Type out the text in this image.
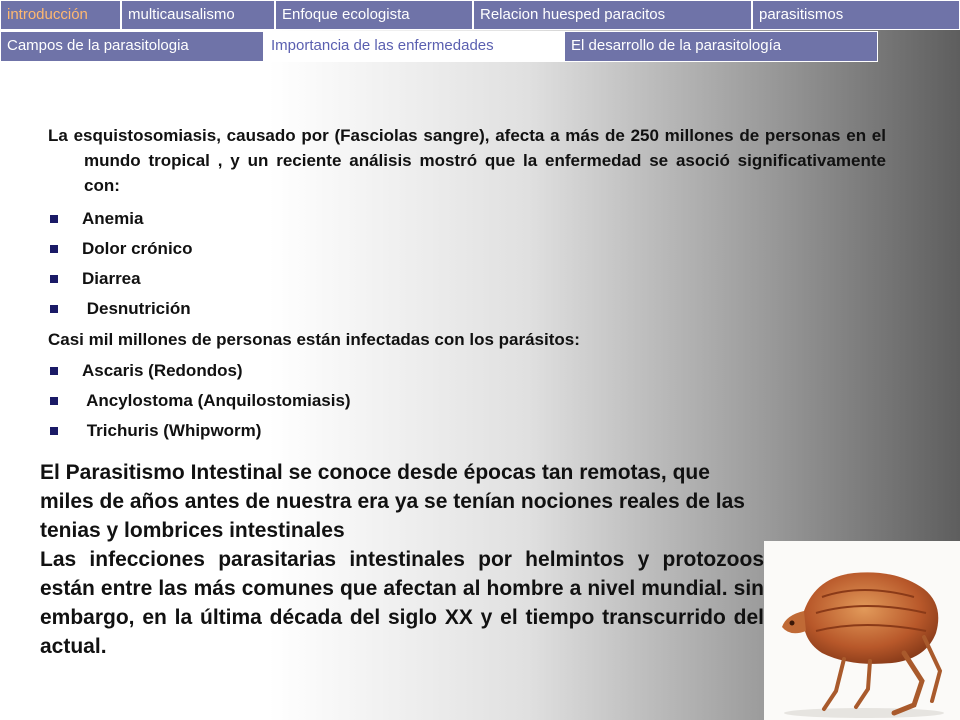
introducción	multicausalismo	Enfoque ecologista	Relacion huesped paracitos	parasitismos
Campos de la parasitologia	Importancia de las enfermedades	El desarrollo de la parasitología

La esquistosomiasis, causado por (Fasciolas sangre), afecta a más de 250 millones de personas en el mundo tropical , y un reciente análisis mostró que la enfermedad se asoció significativamente con:

Anemia
Dolor crónico
Diarrea
Desnutrición

Casi mil millones de personas están infectadas con los parásitos:

Ascaris (Redondos)
Ancylostoma (Anquilostomiasis)
Trichuris (Whipworm)

El Parasitismo Intestinal se conoce desde épocas tan remotas, que miles de años antes de nuestra era ya se tenían nociones reales de las tenias y lombrices intestinales

Las infecciones parasitarias intestinales por helmintos y protozoos están entre las más comunes que afectan al hombre a nivel mundial. sin embargo, en la última década del siglo XX y el tiempo transcurrido del actual.
